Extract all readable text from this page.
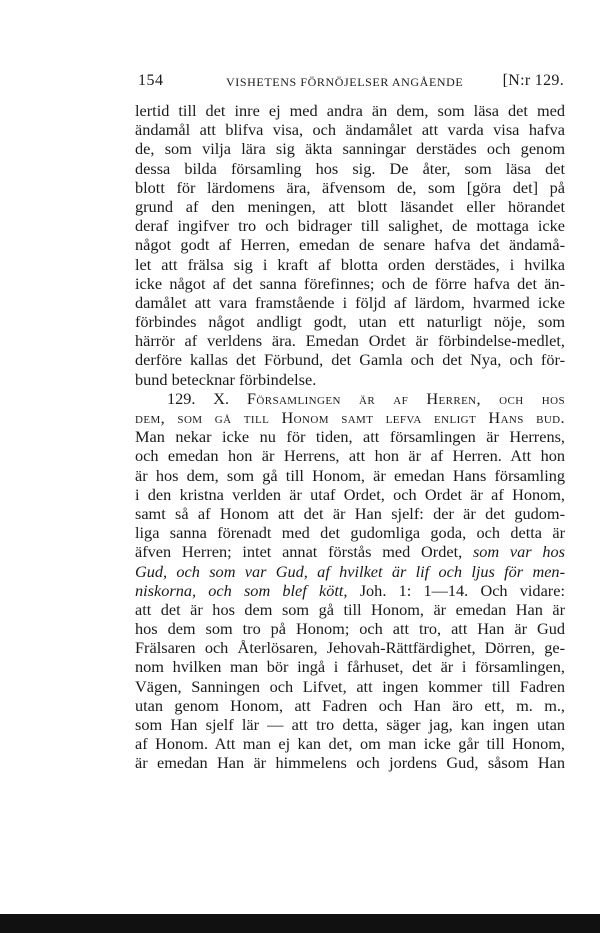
154	VISHETENS FÖRNÖJELSER ANGÅENDE [N:r 129.
lertid till det inre ej med andra än dem, som läsa det med
ändamål att blifva visa, och ändamålet att varda visa hafva
de, som vilja lära sig äkta sanningar derstädes och genom
dessa bilda församling hos sig. De åter, som läsa det
blott för lärdomens ära, äfvensom de, som [göra det] på
grund af den meningen, att blott läsandet eller hörandet
deraf ingifver tro och bidrager till salighet, de mottaga icke
något godt af Herren, emedan de senare hafva det ändamå-
let att frälsa sig i kraft af blotta orden derstädes, i hvilka
icke något af det sanna förefinnes; och de förre hafva det än-
damålet att vara framstående i följd af lärdom, hvarmed icke
förbindes något andligt godt, utan ett naturligt nöje, som
härrör af verldens ära. Emedan Ordet är förbindelse-medlet,
derföre kallas det Förbund, det Gamla och det Nya, och för-
bund betecknar förbindelse.
129. X. Församlingen är af Herren, och hos
dem, som gå till Honom samt lefva enligt Hans bud.
Man nekar icke nu för tiden, att församlingen är Herrens,
och emedan hon är Herrens, att hon är af Herren. Att hon
är hos dem, som gå till Honom, är emedan Hans församling
i den kristna verlden är utaf Ordet, och Ordet är af Honom,
samt så af Honom att det är Han sjelf: der är det gudom-
liga sanna förenadt med det gudomliga goda, och detta är
äfven Herren; intet annat förstås med Ordet, som var hos
Gud, och som var Gud, af hvilket är lif och ljus för men-
niskorna, och som blef kött, Joh. 1: 1—14. Och vidare:
att det är hos dem som gå till Honom, är emedan Han är
hos dem som tro på Honom; och att tro, att Han är Gud
Frälsaren och Återlösaren, Jehovah-Rättfärdighet, Dörren, ge-
nom hvilken man bör ingå i fårhuset, det är i församlingen,
Vägen, Sanningen och Lifvet, att ingen kommer till Fadren
utan genom Honom, att Fadren och Han äro ett, m. m.,
som Han sjelf lär — att tro detta, säger jag, kan ingen utan
af Honom. Att man ej kan det, om man icke går till Honom,
är emedan Han är himmelens och jordens Gud, såsom Han
